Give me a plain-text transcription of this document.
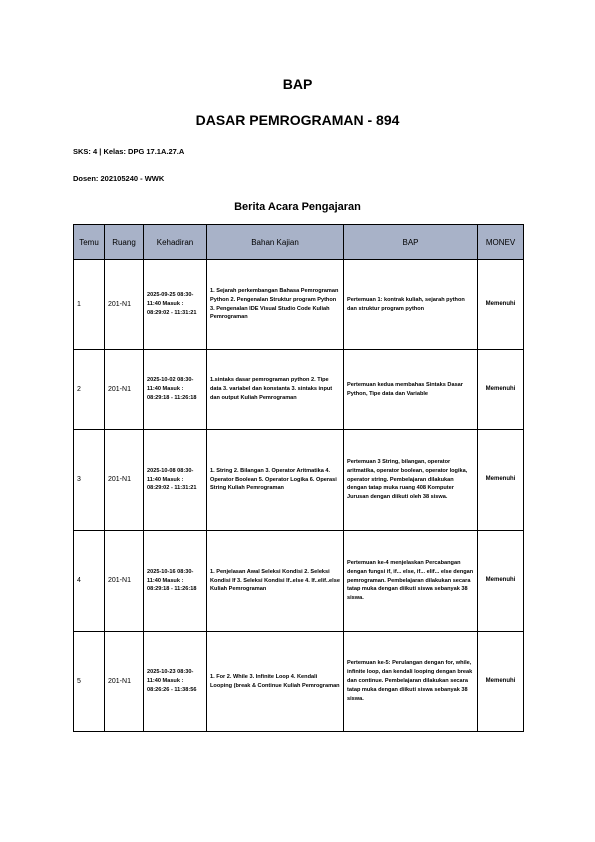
BAP
DASAR PEMROGRAMAN - 894
SKS: 4 | Kelas: DPG 17.1A.27.A
Dosen: 202105240 - WWK
Berita Acara Pengajaran
Temu	Ruang	Kehadiran	Bahan Kajian	BAP	MONEV
1	201-N1	2025-09-25 08:30-11:40 Masuk : 08:29:02 - 11:31:21	1. Sejarah perkembangan Bahasa Pemrograman Python 2. Pengenalan Struktur program Python 3. Pengenalan IDE Visual Studio Code Kuliah Pemrograman	Pertemuan 1: kontrak kuliah, sejarah python dan struktur program python	Memenuhi
2	201-N1	2025-10-02 08:30-11:40 Masuk : 08:29:18 - 11:26:18	1.sintaks dasar pemrograman python 2. Tipe data 3. variabel dan konstanta 3. sintaks input dan output Kuliah Pemrograman	Pertemuan kedua membahas Sintaks Dasar Python, Tipe data dan Variable	Memenuhi
3	201-N1	2025-10-08 08:30-11:40 Masuk : 08:29:02 - 11:31:21	1. String 2. Bilangan 3. Operator Aritmatika 4. Operator Boolean 5. Operator Logika 6. Operasi String Kuliah Pemrograman	Pertemuan 3 String, bilangan, operator aritmatika, operator boolean, operator logika, operator string. Pembelajaran dilakukan dengan tatap muka ruang 408 Komputer Jurusan dengan diikuti oleh 38 siswa.	Memenuhi
4	201-N1	2025-10-16 08:30-11:40 Masuk : 08:29:18 - 11:26:18	1. Penjelasan Awal Seleksi Kondisi 2. Seleksi Kondisi If 3. Seleksi Kondisi If..else 4. If..elif..else Kuliah Pemrograman	Pertemuan ke-4 menjelaskan Percabangan dengan fungsi if, if... else, if... elif... else dengan pemrograman. Pembelajaran dilakukan secara tatap muka dengan diikuti siswa sebanyak 38 siswa.	Memenuhi
5	201-N1	2025-10-23 08:30-11:40 Masuk : 08:26:26 - 11:38:56	1. For 2. While 3. Infinite Loop 4. Kendali Looping (break & Continue Kuliah Pemrograman	Pertemuan ke-5: Perulangan dengan for, while, infinite loop, dan kendali looping dengan break dan continue. Pembelajaran dilakukan secara tatap muka dengan diikuti siswa sebanyak 38 siswa.	Memenuhi
